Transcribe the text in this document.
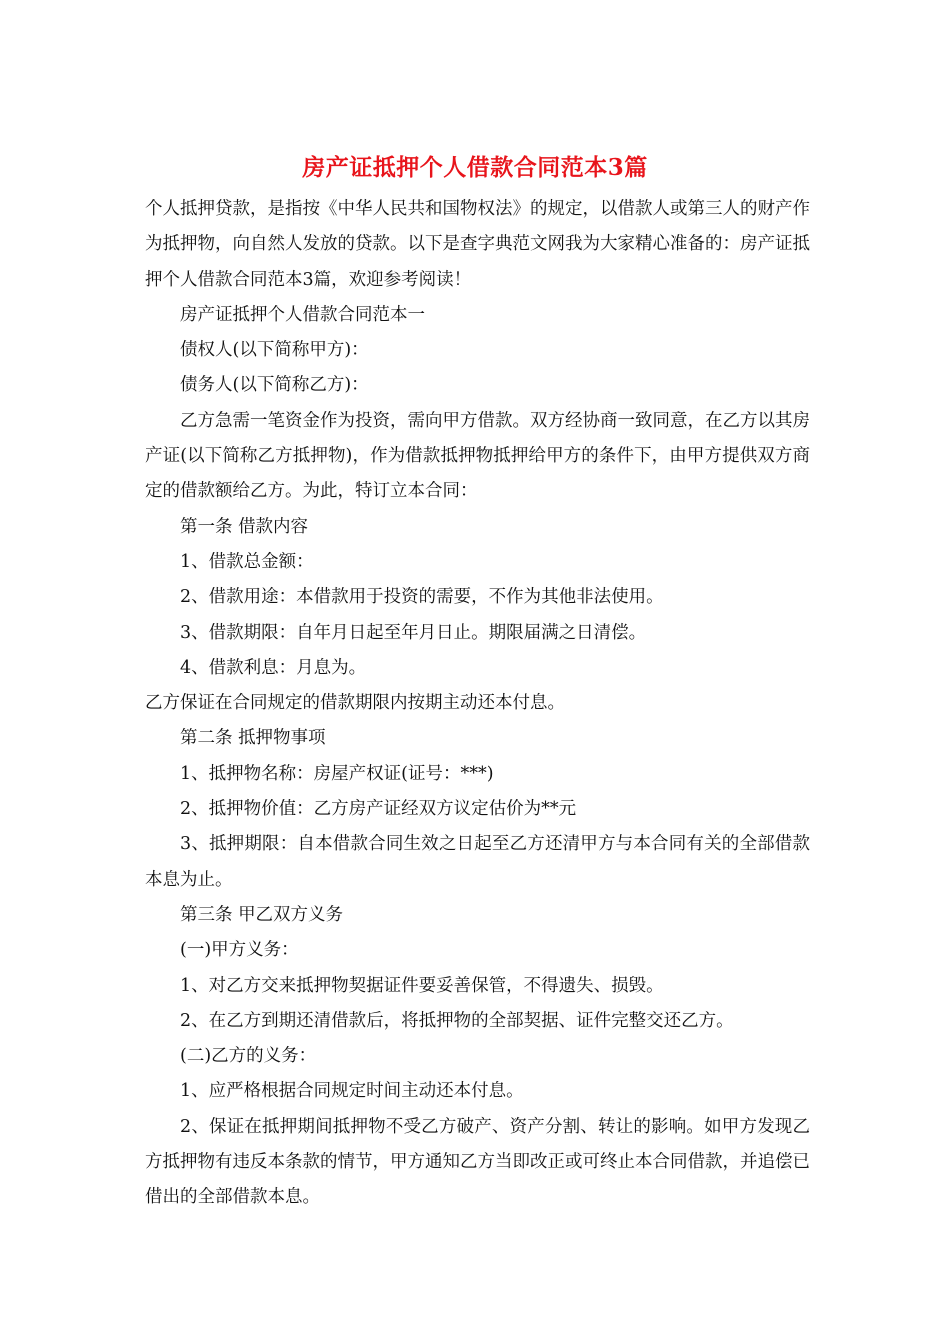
房产证抵押个人借款合同范本3篇

个人抵押贷款，是指按《中华人民共和国物权法》的规定，以借款人或第三人的财产作为抵押物，向自然人发放的贷款。以下是查字典范文网我为大家精心准备的：房产证抵押个人借款合同范本3篇，欢迎参考阅读！

房产证抵押个人借款合同范本一

债权人(以下简称甲方)：

债务人(以下简称乙方)：

乙方急需一笔资金作为投资，需向甲方借款。双方经协商一致同意，在乙方以其房产证(以下简称乙方抵押物)，作为借款抵押物抵押给甲方的条件下，由甲方提供双方商定的借款额给乙方。为此，特订立本合同：

第一条 借款内容

1、借款总金额：

2、借款用途：本借款用于投资的需要，不作为其他非法使用。

3、借款期限：自年月日起至年月日止。期限届满之日清偿。

4、借款利息：月息为。

乙方保证在合同规定的借款期限内按期主动还本付息。

第二条 抵押物事项

1、抵押物名称：房屋产权证(证号：***)

2、抵押物价值：乙方房产证经双方议定估价为**元

3、抵押期限：自本借款合同生效之日起至乙方还清甲方与本合同有关的全部借款本息为止。

第三条 甲乙双方义务

(一)甲方义务：

1、对乙方交来抵押物契据证件要妥善保管，不得遗失、损毁。

2、在乙方到期还清借款后，将抵押物的全部契据、证件完整交还乙方。

(二)乙方的义务：

1、应严格根据合同规定时间主动还本付息。

2、保证在抵押期间抵押物不受乙方破产、资产分割、转让的影响。如甲方发现乙方抵押物有违反本条款的情节，甲方通知乙方当即改正或可终止本合同借款，并追偿已借出的全部借款本息。
